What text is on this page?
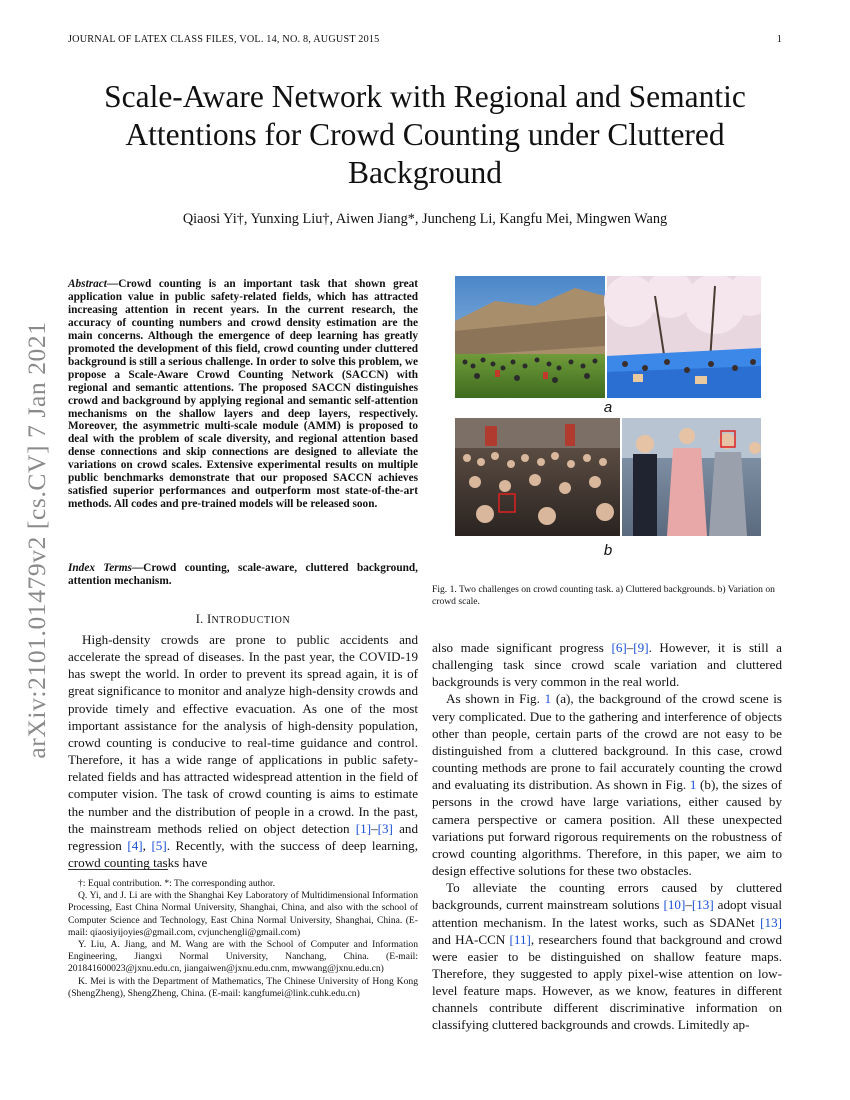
JOURNAL OF LATEX CLASS FILES, VOL. 14, NO. 8, AUGUST 2015	1
arXiv:2101.01479v2 [cs.CV] 7 Jan 2021
Scale-Aware Network with Regional and Semantic Attentions for Crowd Counting under Cluttered Background
Qiaosi Yi†, Yunxing Liu†, Aiwen Jiang*, Juncheng Li, Kangfu Mei, Mingwen Wang
Abstract—Crowd counting is an important task that shown great application value in public safety-related fields, which has attracted increasing attention in recent years. In the current research, the accuracy of counting numbers and crowd density estimation are the main concerns. Although the emergence of deep learning has greatly promoted the development of this field, crowd counting under cluttered background is still a serious challenge. In order to solve this problem, we propose a Scale-Aware Crowd Counting Network (SACCN) with regional and semantic attentions. The proposed SACCN distinguishes crowd and background by applying regional and semantic self-attention mechanisms on the shallow layers and deep layers, respectively. Moreover, the asymmetric multi-scale module (AMM) is proposed to deal with the problem of scale diversity, and regional attention based dense connections and skip connections are designed to alleviate the variations on crowd scales. Extensive experimental results on multiple public benchmarks demonstrate that our proposed SACCN achieves satisfied superior performances and outperform most state-of-the-art methods. All codes and pre-trained models will be released soon.
Index Terms—Crowd counting, scale-aware, cluttered background, attention mechanism.
I. INTRODUCTION

High-density crowds are prone to public accidents and accelerate the spread of diseases. In the past year, the COVID-19 has swept the world. In order to prevent its spread again, it is of great significance to monitor and analyze high-density crowds and provide timely and effective evacuation. As one of the most important assistance for the analysis of high-density population, crowd counting is conducive to real-time guidance and control. Therefore, it has a wide range of applications in public safety-related fields and has attracted widespread attention in the field of computer vision. The task of crowd counting is aims to estimate the number and the distribution of people in a crowd. In the past, the mainstream methods relied on object detection [1]–[3] and regression [4], [5]. Recently, with the success of deep learning, crowd counting tasks have

†: Equal contribution. *: The corresponding author.

Q. Yi, and J. Li are with the Shanghai Key Laboratory of Multidimensional Information Processing, East China Normal University, Shanghai, China, and also with the school of Computer Science and Technology, East China Normal University, Shanghai, China. (E-mail: qiaosiyijoyies@gmail.com, cvjunchengli@gmail.com)

Y. Liu, A. Jiang, and M. Wang are with the School of Computer and Information Engineering, Jiangxi Normal University, Nanchang, China. (E-mail: 201841600023@jxnu.edu.cn, jiangaiwen@jxnu.edu.cnm, mwwang@jxnu.edu.cn)

K. Mei is with the Department of Mathematics, The Chinese University of Hong Kong (ShengZheng), ShengZheng, China. (E-mail: kangfumei@link.cuhk.edu.cn)

a
b
Fig. 1. Two challenges on crowd counting task. a) Cluttered backgrounds. b) Variation on crowd scale.

also made significant progress [6]–[9]. However, it is still a challenging task since crowd scale variation and cluttered backgrounds is very common in the real world.

As shown in Fig. 1 (a), the background of the crowd scene is very complicated. Due to the gathering and interference of objects other than people, certain parts of the crowd are not easy to be distinguished from a cluttered background. In this case, crowd counting methods are prone to fail accurately counting the crowd and evaluating its distribution. As shown in Fig. 1 (b), the sizes of persons in the crowd have large variations, either caused by camera perspective or camera position. All these unexpected variations put forward rigorous requirements on the robustness of crowd counting algorithms. Therefore, in this paper, we aim to design effective solutions for these two obstacles.

To alleviate the counting errors caused by cluttered backgrounds, current mainstream solutions [10]–[13] adopt visual attention mechanism. In the latest works, such as SDANet [13] and HA-CCN [11], researchers found that background and crowd were easier to be distinguished on shallow feature maps. Therefore, they suggested to apply pixel-wise attention on low-level feature maps. However, as we know, features in different channels contribute different discriminative information on classifying cluttered backgrounds and crowds. Limitedly ap-
